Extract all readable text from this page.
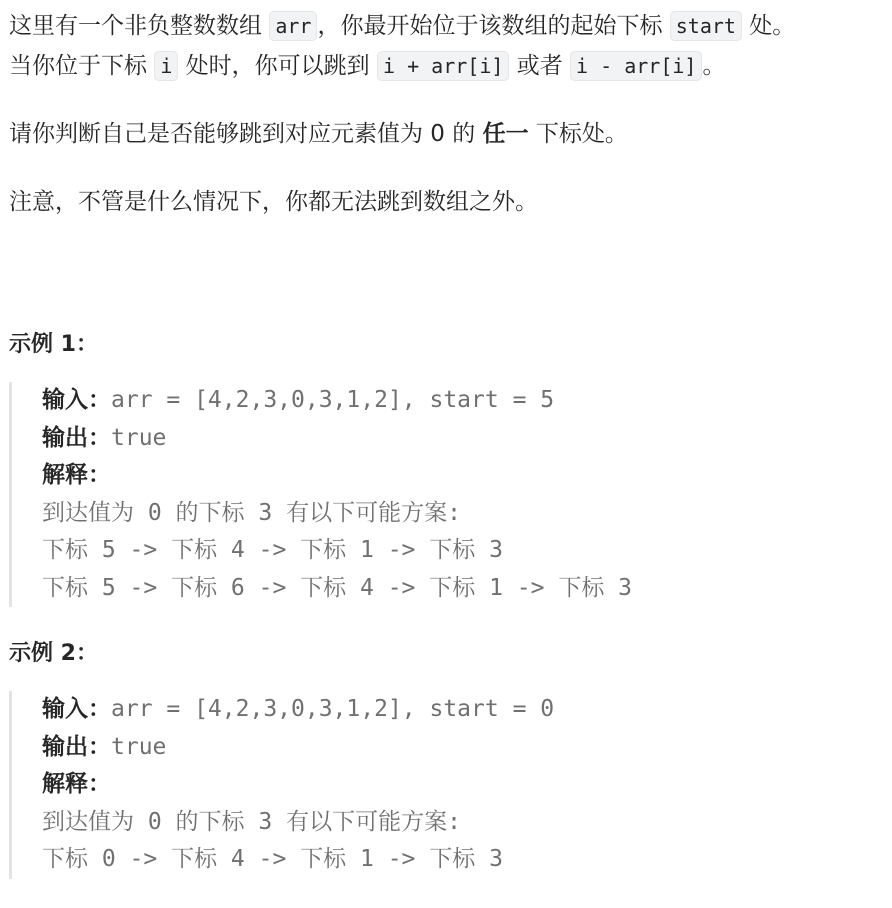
这里有一个非负整数数组 arr ，你最开始位于该数组的起始下标 start 处。
当你位于下标 i 处时，你可以跳到 i + arr[i] 或者 i - arr[i] 。

请你判断自己是否能够跳到对应元素值为 0 的 任一 下标处。

注意，不管是什么情况下，你都无法跳到数组之外。

示例 1：
输入：arr = [4,2,3,0,3,1,2], start = 5
输出：true
解释：
到达值为 0 的下标 3 有以下可能方案:
下标 5 -> 下标 4 -> 下标 1 -> 下标 3
下标 5 -> 下标 6 -> 下标 4 -> 下标 1 -> 下标 3
示例 2：
输入：arr = [4,2,3,0,3,1,2], start = 0
输出：true
解释：
到达值为 0 的下标 3 有以下可能方案:
下标 0 -> 下标 4 -> 下标 1 -> 下标 3
